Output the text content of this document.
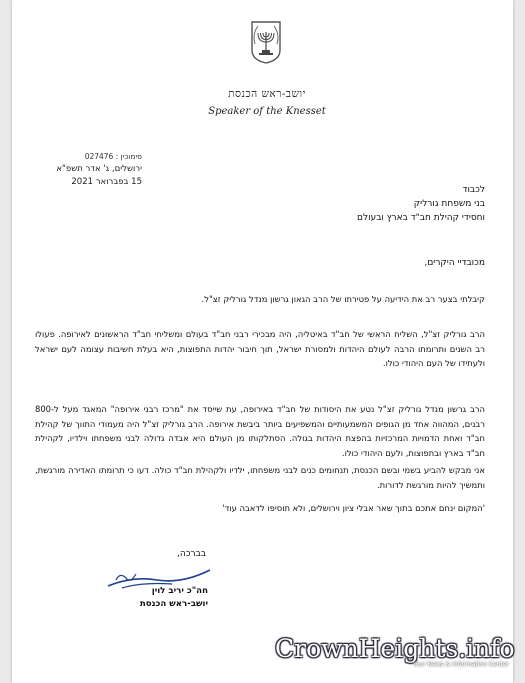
יושב-ראש הכנסת
Speaker of the Knesset
סימוכין : 027476
ירושלים, ג' אדר תשפ"א
15 בפברואר 2021
לכבוד
בני משפחת גורליק
וחסידי קהילת חב"ד בארץ ובעולם
מכובדיי היקרים,
קיבלתי בצער רב את הידיעה על פטירתו של הרב הגאון גרשון מנדל גורליק זצ"ל.
הרב גורליק זצ"ל, השליח הראשי של חב"ד באיטליה, היה מבכירי רבני חב"ד בעולם ומשליחי חב"ד הראשונים לאירופה. פעולו רב השנים ותרומתו הרבה לעולם היהדות ולמסורת ישראל, תוך חיבור יהדות התפוצות, היא בעלת חשיבות עצומה לעם ישראל ולעתידו של העם היהודי כולו.
הרב גרשון מנדל גורליק זצ"ל נטע את היסודות של חב"ד באירופה, עת שייסד את "מרכז רבני אירופה" המאגד מעל ל-800 רבנים, המהווה אחד מן הגופים המשמעותיים והמשפיעים ביותר ביבשת אירופה. הרב גורליק זצ"ל היה מעמודי התווך של קהילת חב"ד ואחת הדמויות המרכזיות בהפצת היהדות בגולה. הסתלקותו מן העולם היא אבדה גדולה לבני משפחתו וילדיו, לקהילת חב"ד בארץ ובתפוצות, ולעם היהודי כולו.
אני מבקש להביע בשמי ובשם הכנסת, תנחומים כנים לבני משפחתו, ילדיו ולקהילת חב"ד כולה. דעו כי תרומתו האדירה מורגשת, ותמשיך להיות מורגשת לדורות.
'המקום ינחם אתכם בתוך שאר אבלי ציון וירושלים, ולא תוסיפו לדאבה עוד'
בברכה,
חה"כ יריב לוין
יושב-ראש הכנסת
CrownHeights.info
Your News & Information Center
